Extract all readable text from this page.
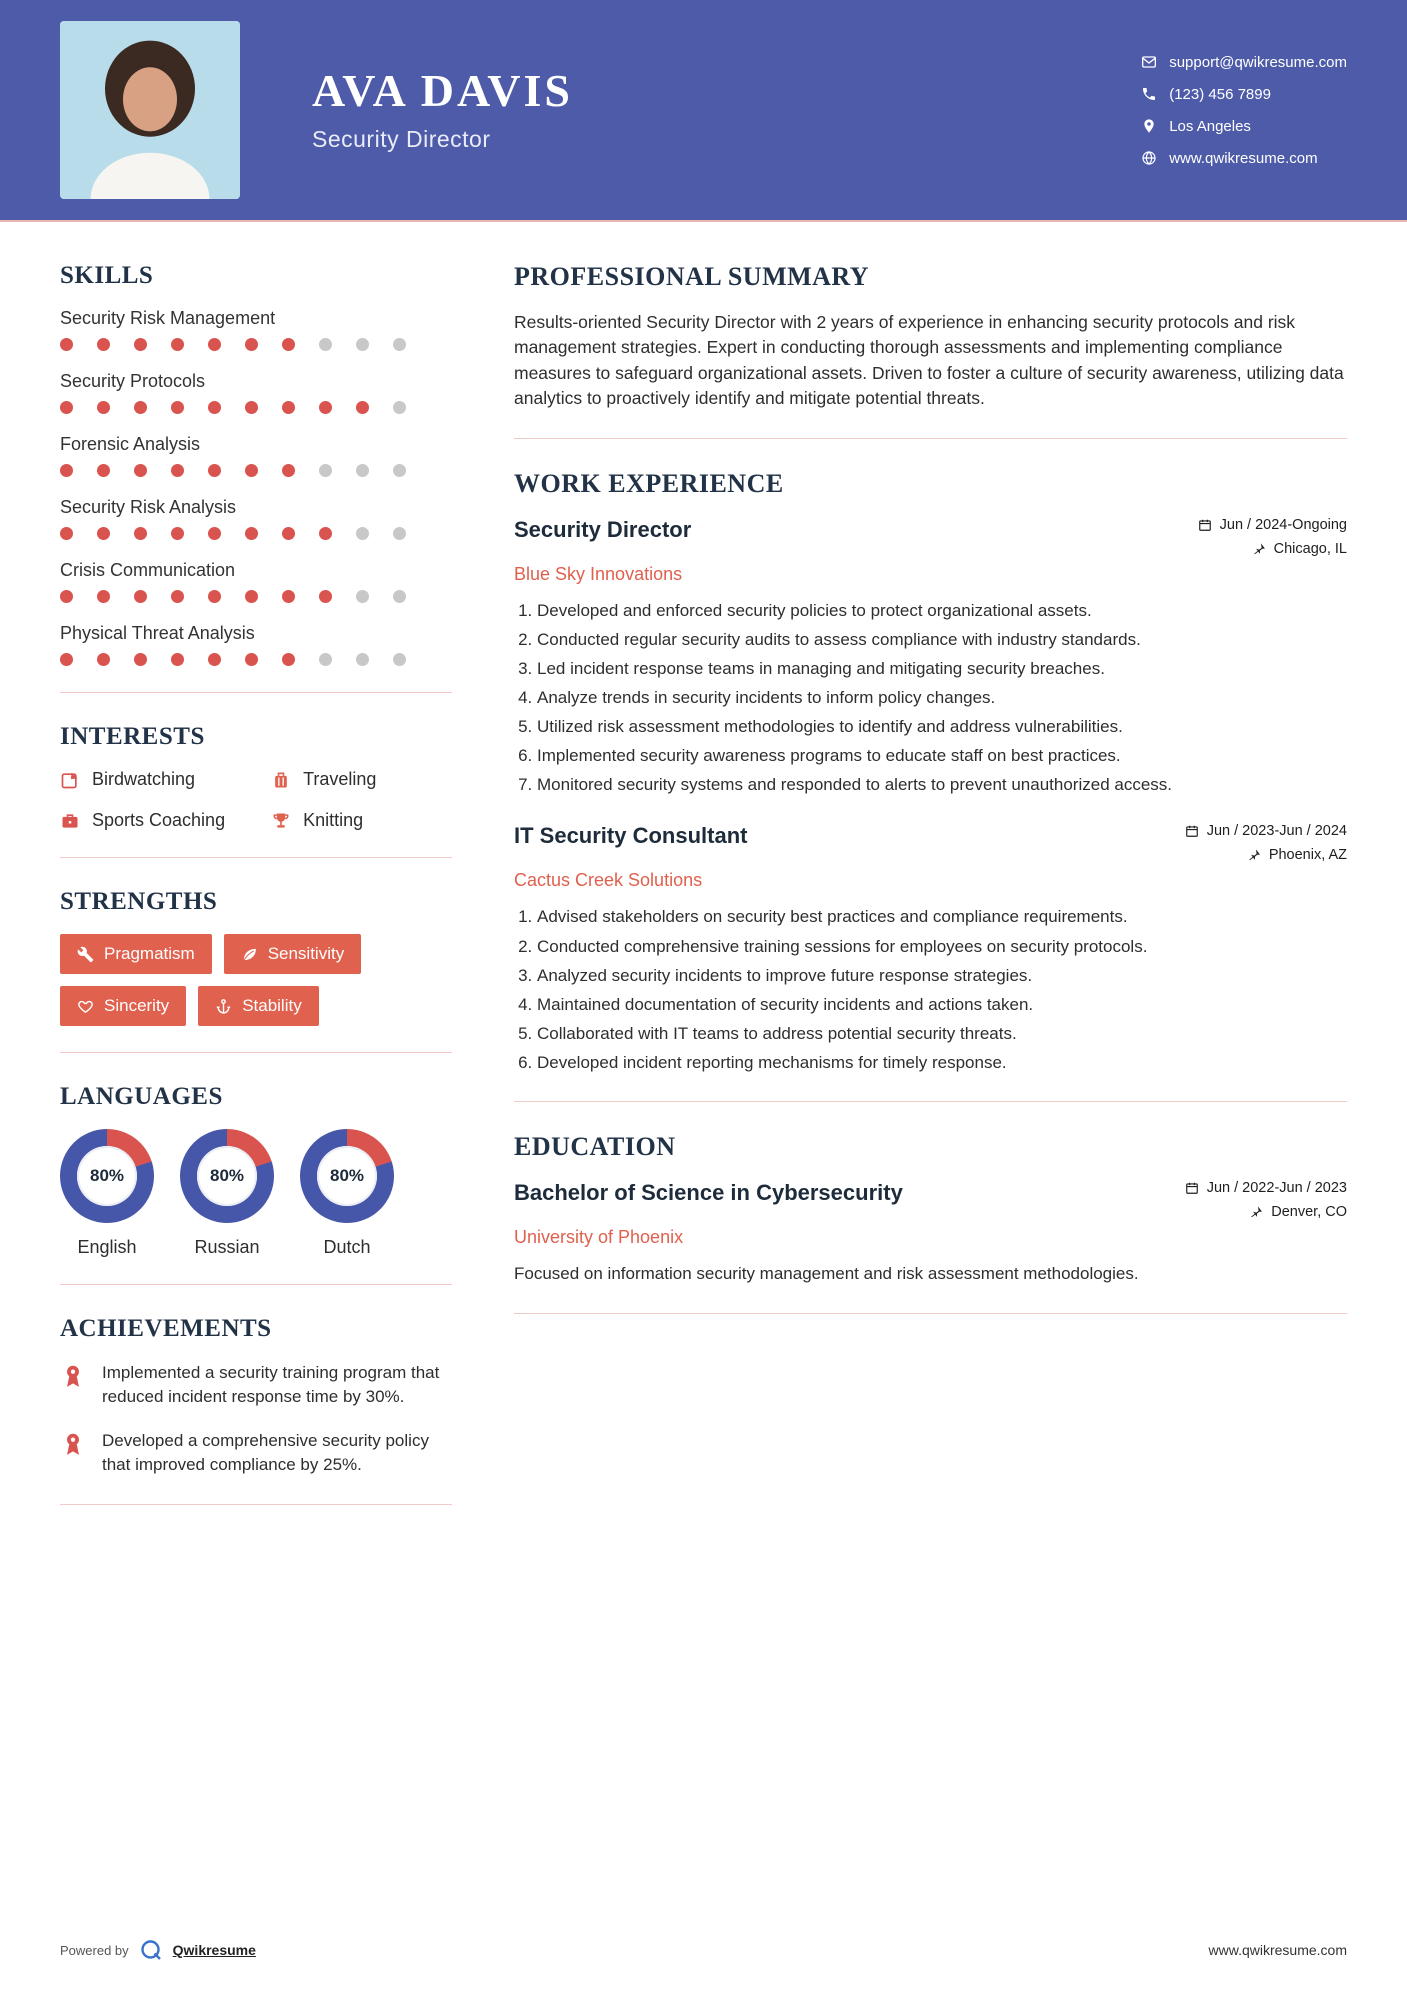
AVA DAVIS
Security Director
support@qwikresume.com
(123) 456 7899
Los Angeles
www.qwikresume.com
SKILLS
Security Risk Management
Security Protocols
Forensic Analysis
Security Risk Analysis
Crisis Communication
Physical Threat Analysis
INTERESTS
Birdwatching	Traveling
Sports Coaching	Knitting
STRENGTHS
Pragmatism	Sensitivity
Sincerity	Stability
LANGUAGES
80%
English
80%
Russian
80%
Dutch
ACHIEVEMENTS
Implemented a security training program that reduced incident response time by 30%.
Developed a comprehensive security policy that improved compliance by 25%.
PROFESSIONAL SUMMARY

Results-oriented Security Director with 2 years of experience in enhancing security protocols and risk management strategies. Expert in conducting thorough assessments and implementing compliance measures to safeguard organizational assets. Driven to foster a culture of security awareness, utilizing data analytics to proactively identify and mitigate potential threats.

WORK EXPERIENCE
Security Director	Jun / 2024-Ongoing
Chicago, IL
Blue Sky Innovations
1. Developed and enforced security policies to protect organizational assets.
2. Conducted regular security audits to assess compliance with industry standards.
3. Led incident response teams in managing and mitigating security breaches.
4. Analyze trends in security incidents to inform policy changes.
5. Utilized risk assessment methodologies to identify and address vulnerabilities.
6. Implemented security awareness programs to educate staff on best practices.
7. Monitored security systems and responded to alerts to prevent unauthorized access.
IT Security Consultant	Jun / 2023-Jun / 2024
Phoenix, AZ
Cactus Creek Solutions
1. Advised stakeholders on security best practices and compliance requirements.
2. Conducted comprehensive training sessions for employees on security protocols.
3. Analyzed security incidents to improve future response strategies.
4. Maintained documentation of security incidents and actions taken.
5. Collaborated with IT teams to address potential security threats.
6. Developed incident reporting mechanisms for timely response.
EDUCATION
Bachelor of Science in Cybersecurity	Jun / 2022-Jun / 2023
Denver, CO
University of Phoenix

Focused on information security management and risk assessment methodologies.

Powered by	Qwikresume	www.qwikresume.com
